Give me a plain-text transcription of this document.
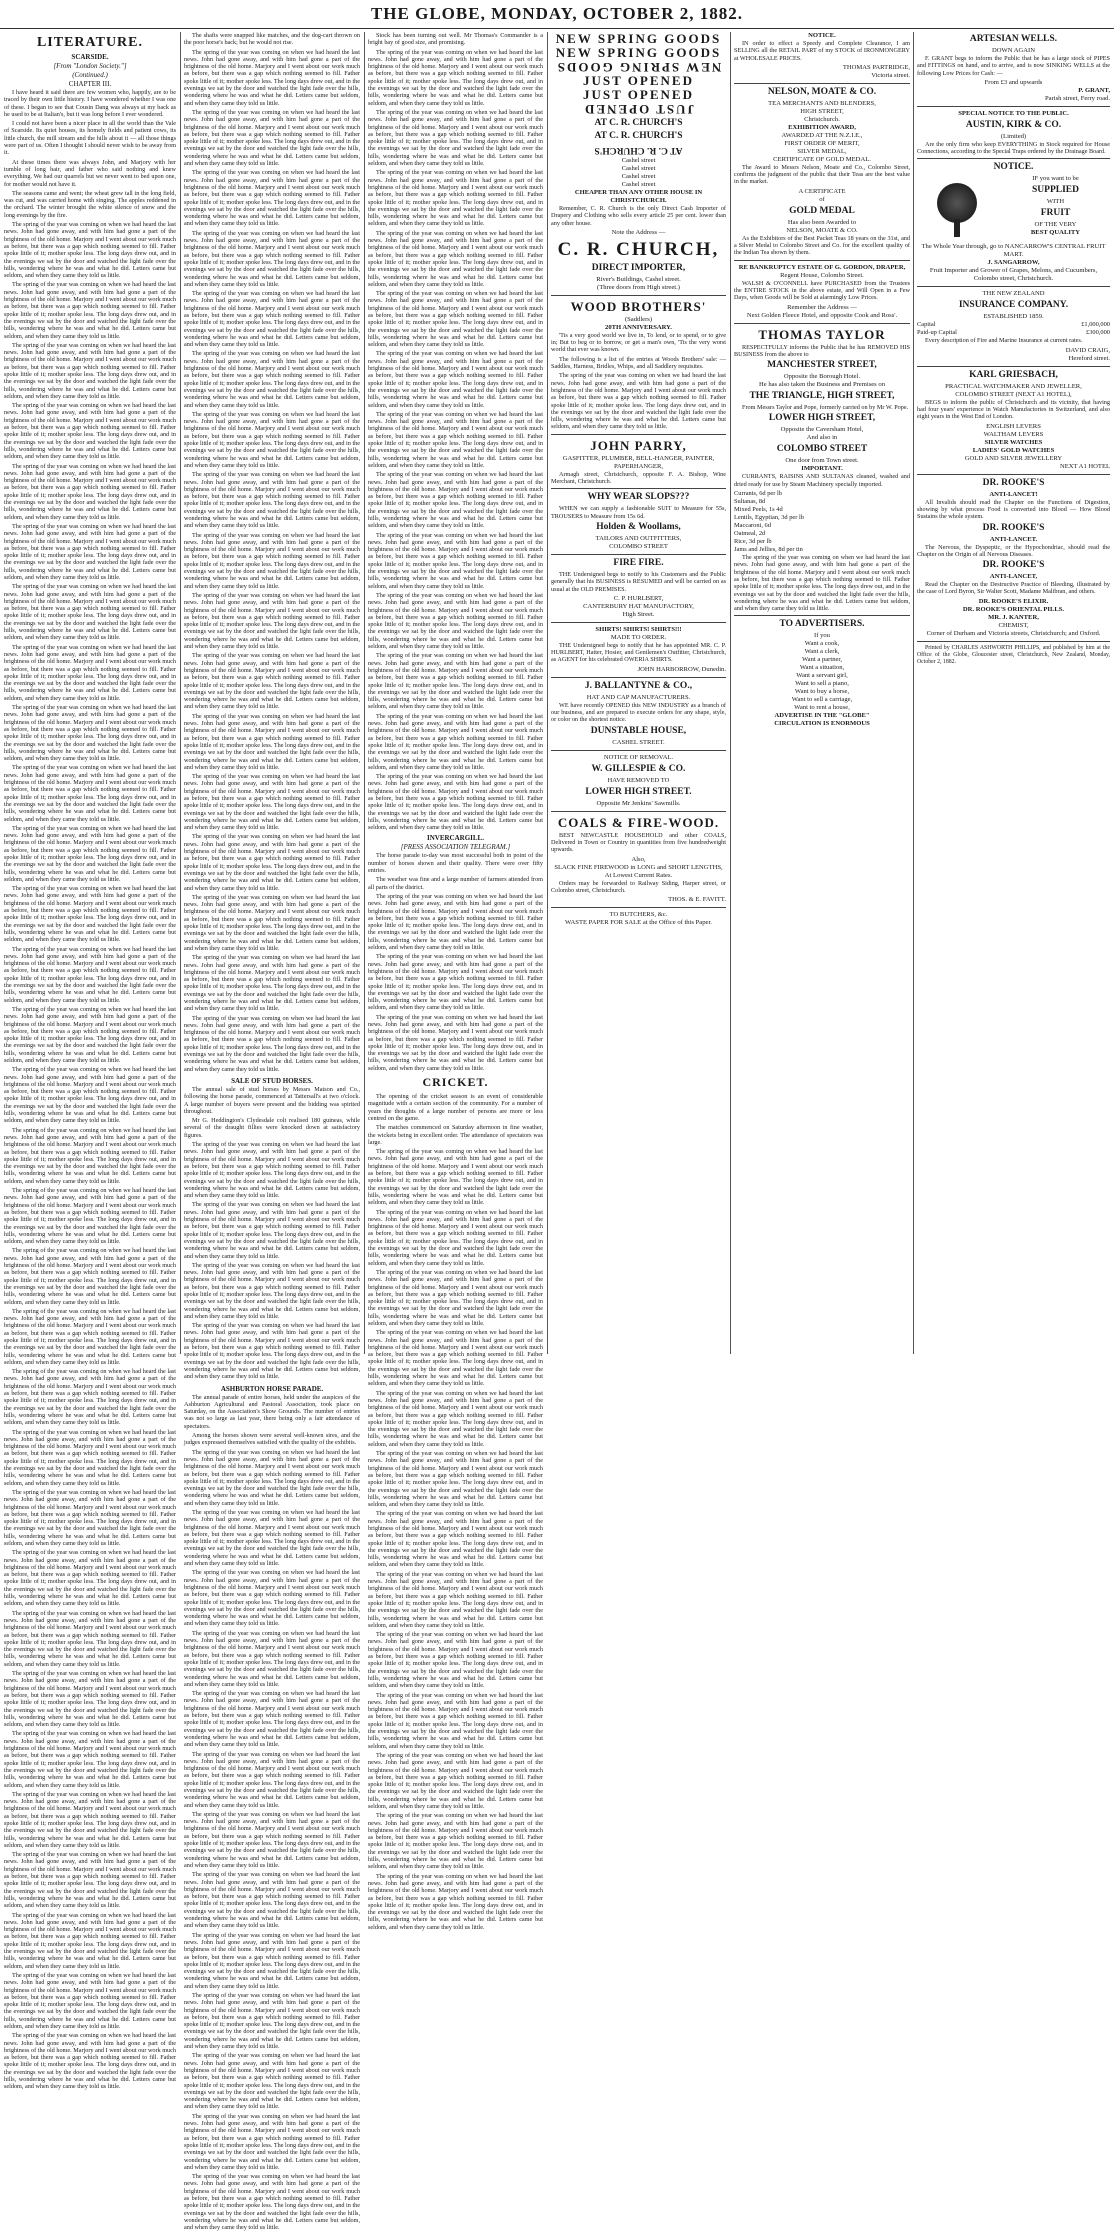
THE GLOBE, MONDAY, OCTOBER 2, 1882.
LITERATURE.
SCARSIDE.
[From "London Society."]
(Continued.)
CHAPTER III.

I have heard it said there are few women who, happily, are to be traced by their own little history. I have wondered whether I was one of these. I began to see that Cousin Dang was always at my back as he used to be at Italian's, but it was long before I ever wondered.

I could not have been a nicer place in all the world than the Vale of Scarside. Its quiet houses, its homely fields and patient cows, its little church, the mill stream and the hills about it — all those things were part of us. Often I thought I should never wish to be away from it.

At these times there was always John, and Marjory with her tumble of long hair, and father who said nothing and knew everything. We had our quarrels but we never went to bed upon one, for mother would not have it.

The seasons came and went; the wheat grew tall in the long field, was cut, and was carried home with singing. The apples reddened in the orchard. The winter brought the white silence of snow and the long evenings by the fire.

The spring of the year was coming on when we had heard the last news. John had gone away, and with him had gone a part of the brightness of the old home. Marjory and I went about our work much as before, but there was a gap which nothing seemed to fill. Father spoke little of it; mother spoke less. The long days drew out, and in the evenings we sat by the door and watched the light fade over the hills, wondering where he was and what he did. Letters came but seldom, and when they came they told us little.

The spring of the year was coming on when we had heard the last news. John had gone away, and with him had gone a part of the brightness of the old home. Marjory and I went about our work much as before, but there was a gap which nothing seemed to fill. Father spoke little of it; mother spoke less. The long days drew out, and in the evenings we sat by the door and watched the light fade over the hills, wondering where he was and what he did. Letters came but seldom, and when they came they told us little.

The spring of the year was coming on when we had heard the last news. John had gone away, and with him had gone a part of the brightness of the old home. Marjory and I went about our work much as before, but there was a gap which nothing seemed to fill. Father spoke little of it; mother spoke less. The long days drew out, and in the evenings we sat by the door and watched the light fade over the hills, wondering where he was and what he did. Letters came but seldom, and when they came they told us little.

The spring of the year was coming on when we had heard the last news. John had gone away, and with him had gone a part of the brightness of the old home. Marjory and I went about our work much as before, but there was a gap which nothing seemed to fill. Father spoke little of it; mother spoke less. The long days drew out, and in the evenings we sat by the door and watched the light fade over the hills, wondering where he was and what he did. Letters came but seldom, and when they came they told us little.

The spring of the year was coming on when we had heard the last news. John had gone away, and with him had gone a part of the brightness of the old home. Marjory and I went about our work much as before, but there was a gap which nothing seemed to fill. Father spoke little of it; mother spoke less. The long days drew out, and in the evenings we sat by the door and watched the light fade over the hills, wondering where he was and what he did. Letters came but seldom, and when they came they told us little.

The spring of the year was coming on when we had heard the last news. John had gone away, and with him had gone a part of the brightness of the old home. Marjory and I went about our work much as before, but there was a gap which nothing seemed to fill. Father spoke little of it; mother spoke less. The long days drew out, and in the evenings we sat by the door and watched the light fade over the hills, wondering where he was and what he did. Letters came but seldom, and when they came they told us little.

The spring of the year was coming on when we had heard the last news. John had gone away, and with him had gone a part of the brightness of the old home. Marjory and I went about our work much as before, but there was a gap which nothing seemed to fill. Father spoke little of it; mother spoke less. The long days drew out, and in the evenings we sat by the door and watched the light fade over the hills, wondering where he was and what he did. Letters came but seldom, and when they came they told us little.

The spring of the year was coming on when we had heard the last news. John had gone away, and with him had gone a part of the brightness of the old home. Marjory and I went about our work much as before, but there was a gap which nothing seemed to fill. Father spoke little of it; mother spoke less. The long days drew out, and in the evenings we sat by the door and watched the light fade over the hills, wondering where he was and what he did. Letters came but seldom, and when they came they told us little.

The spring of the year was coming on when we had heard the last news. John had gone away, and with him had gone a part of the brightness of the old home. Marjory and I went about our work much as before, but there was a gap which nothing seemed to fill. Father spoke little of it; mother spoke less. The long days drew out, and in the evenings we sat by the door and watched the light fade over the hills, wondering where he was and what he did. Letters came but seldom, and when they came they told us little.

The spring of the year was coming on when we had heard the last news. John had gone away, and with him had gone a part of the brightness of the old home. Marjory and I went about our work much as before, but there was a gap which nothing seemed to fill. Father spoke little of it; mother spoke less. The long days drew out, and in the evenings we sat by the door and watched the light fade over the hills, wondering where he was and what he did. Letters came but seldom, and when they came they told us little.

The spring of the year was coming on when we had heard the last news. John had gone away, and with him had gone a part of the brightness of the old home. Marjory and I went about our work much as before, but there was a gap which nothing seemed to fill. Father spoke little of it; mother spoke less. The long days drew out, and in the evenings we sat by the door and watched the light fade over the hills, wondering where he was and what he did. Letters came but seldom, and when they came they told us little.

The spring of the year was coming on when we had heard the last news. John had gone away, and with him had gone a part of the brightness of the old home. Marjory and I went about our work much as before, but there was a gap which nothing seemed to fill. Father spoke little of it; mother spoke less. The long days drew out, and in the evenings we sat by the door and watched the light fade over the hills, wondering where he was and what he did. Letters came but seldom, and when they came they told us little.

The spring of the year was coming on when we had heard the last news. John had gone away, and with him had gone a part of the brightness of the old home. Marjory and I went about our work much as before, but there was a gap which nothing seemed to fill. Father spoke little of it; mother spoke less. The long days drew out, and in the evenings we sat by the door and watched the light fade over the hills, wondering where he was and what he did. Letters came but seldom, and when they came they told us little.

The spring of the year was coming on when we had heard the last news. John had gone away, and with him had gone a part of the brightness of the old home. Marjory and I went about our work much as before, but there was a gap which nothing seemed to fill. Father spoke little of it; mother spoke less. The long days drew out, and in the evenings we sat by the door and watched the light fade over the hills, wondering where he was and what he did. Letters came but seldom, and when they came they told us little.

The spring of the year was coming on when we had heard the last news. John had gone away, and with him had gone a part of the brightness of the old home. Marjory and I went about our work much as before, but there was a gap which nothing seemed to fill. Father spoke little of it; mother spoke less. The long days drew out, and in the evenings we sat by the door and watched the light fade over the hills, wondering where he was and what he did. Letters came but seldom, and when they came they told us little.

The spring of the year was coming on when we had heard the last news. John had gone away, and with him had gone a part of the brightness of the old home. Marjory and I went about our work much as before, but there was a gap which nothing seemed to fill. Father spoke little of it; mother spoke less. The long days drew out, and in the evenings we sat by the door and watched the light fade over the hills, wondering where he was and what he did. Letters came but seldom, and when they came they told us little.

The spring of the year was coming on when we had heard the last news. John had gone away, and with him had gone a part of the brightness of the old home. Marjory and I went about our work much as before, but there was a gap which nothing seemed to fill. Father spoke little of it; mother spoke less. The long days drew out, and in the evenings we sat by the door and watched the light fade over the hills, wondering where he was and what he did. Letters came but seldom, and when they came they told us little.

The spring of the year was coming on when we had heard the last news. John had gone away, and with him had gone a part of the brightness of the old home. Marjory and I went about our work much as before, but there was a gap which nothing seemed to fill. Father spoke little of it; mother spoke less. The long days drew out, and in the evenings we sat by the door and watched the light fade over the hills, wondering where he was and what he did. Letters came but seldom, and when they came they told us little.

The spring of the year was coming on when we had heard the last news. John had gone away, and with him had gone a part of the brightness of the old home. Marjory and I went about our work much as before, but there was a gap which nothing seemed to fill. Father spoke little of it; mother spoke less. The long days drew out, and in the evenings we sat by the door and watched the light fade over the hills, wondering where he was and what he did. Letters came but seldom, and when they came they told us little.

The spring of the year was coming on when we had heard the last news. John had gone away, and with him had gone a part of the brightness of the old home. Marjory and I went about our work much as before, but there was a gap which nothing seemed to fill. Father spoke little of it; mother spoke less. The long days drew out, and in the evenings we sat by the door and watched the light fade over the hills, wondering where he was and what he did. Letters came but seldom, and when they came they told us little.

The spring of the year was coming on when we had heard the last news. John had gone away, and with him had gone a part of the brightness of the old home. Marjory and I went about our work much as before, but there was a gap which nothing seemed to fill. Father spoke little of it; mother spoke less. The long days drew out, and in the evenings we sat by the door and watched the light fade over the hills, wondering where he was and what he did. Letters came but seldom, and when they came they told us little.

The spring of the year was coming on when we had heard the last news. John had gone away, and with him had gone a part of the brightness of the old home. Marjory and I went about our work much as before, but there was a gap which nothing seemed to fill. Father spoke little of it; mother spoke less. The long days drew out, and in the evenings we sat by the door and watched the light fade over the hills, wondering where he was and what he did. Letters came but seldom, and when they came they told us little.

The spring of the year was coming on when we had heard the last news. John had gone away, and with him had gone a part of the brightness of the old home. Marjory and I went about our work much as before, but there was a gap which nothing seemed to fill. Father spoke little of it; mother spoke less. The long days drew out, and in the evenings we sat by the door and watched the light fade over the hills, wondering where he was and what he did. Letters came but seldom, and when they came they told us little.

The spring of the year was coming on when we had heard the last news. John had gone away, and with him had gone a part of the brightness of the old home. Marjory and I went about our work much as before, but there was a gap which nothing seemed to fill. Father spoke little of it; mother spoke less. The long days drew out, and in the evenings we sat by the door and watched the light fade over the hills, wondering where he was and what he did. Letters came but seldom, and when they came they told us little.

The spring of the year was coming on when we had heard the last news. John had gone away, and with him had gone a part of the brightness of the old home. Marjory and I went about our work much as before, but there was a gap which nothing seemed to fill. Father spoke little of it; mother spoke less. The long days drew out, and in the evenings we sat by the door and watched the light fade over the hills, wondering where he was and what he did. Letters came but seldom, and when they came they told us little.

The spring of the year was coming on when we had heard the last news. John had gone away, and with him had gone a part of the brightness of the old home. Marjory and I went about our work much as before, but there was a gap which nothing seemed to fill. Father spoke little of it; mother spoke less. The long days drew out, and in the evenings we sat by the door and watched the light fade over the hills, wondering where he was and what he did. Letters came but seldom, and when they came they told us little.

The spring of the year was coming on when we had heard the last news. John had gone away, and with him had gone a part of the brightness of the old home. Marjory and I went about our work much as before, but there was a gap which nothing seemed to fill. Father spoke little of it; mother spoke less. The long days drew out, and in the evenings we sat by the door and watched the light fade over the hills, wondering where he was and what he did. Letters came but seldom, and when they came they told us little.

The spring of the year was coming on when we had heard the last news. John had gone away, and with him had gone a part of the brightness of the old home. Marjory and I went about our work much as before, but there was a gap which nothing seemed to fill. Father spoke little of it; mother spoke less. The long days drew out, and in the evenings we sat by the door and watched the light fade over the hills, wondering where he was and what he did. Letters came but seldom, and when they came they told us little.

The spring of the year was coming on when we had heard the last news. John had gone away, and with him had gone a part of the brightness of the old home. Marjory and I went about our work much as before, but there was a gap which nothing seemed to fill. Father spoke little of it; mother spoke less. The long days drew out, and in the evenings we sat by the door and watched the light fade over the hills, wondering where he was and what he did. Letters came but seldom, and when they came they told us little.

The spring of the year was coming on when we had heard the last news. John had gone away, and with him had gone a part of the brightness of the old home. Marjory and I went about our work much as before, but there was a gap which nothing seemed to fill. Father spoke little of it; mother spoke less. The long days drew out, and in the evenings we sat by the door and watched the light fade over the hills, wondering where he was and what he did. Letters came but seldom, and when they came they told us little.

The spring of the year was coming on when we had heard the last news. John had gone away, and with him had gone a part of the brightness of the old home. Marjory and I went about our work much as before, but there was a gap which nothing seemed to fill. Father spoke little of it; mother spoke less. The long days drew out, and in the evenings we sat by the door and watched the light fade over the hills, wondering where he was and what he did. Letters came but seldom, and when they came they told us little.

The shafts were snapped like matches, and the dog-cart thrown on the poor horse's back; but he would not rise.

The spring of the year was coming on when we had heard the last news. John had gone away, and with him had gone a part of the brightness of the old home. Marjory and I went about our work much as before, but there was a gap which nothing seemed to fill. Father spoke little of it; mother spoke less. The long days drew out, and in the evenings we sat by the door and watched the light fade over the hills, wondering where he was and what he did. Letters came but seldom, and when they came they told us little.

The spring of the year was coming on when we had heard the last news. John had gone away, and with him had gone a part of the brightness of the old home. Marjory and I went about our work much as before, but there was a gap which nothing seemed to fill. Father spoke little of it; mother spoke less. The long days drew out, and in the evenings we sat by the door and watched the light fade over the hills, wondering where he was and what he did. Letters came but seldom, and when they came they told us little.

The spring of the year was coming on when we had heard the last news. John had gone away, and with him had gone a part of the brightness of the old home. Marjory and I went about our work much as before, but there was a gap which nothing seemed to fill. Father spoke little of it; mother spoke less. The long days drew out, and in the evenings we sat by the door and watched the light fade over the hills, wondering where he was and what he did. Letters came but seldom, and when they came they told us little.

The spring of the year was coming on when we had heard the last news. John had gone away, and with him had gone a part of the brightness of the old home. Marjory and I went about our work much as before, but there was a gap which nothing seemed to fill. Father spoke little of it; mother spoke less. The long days drew out, and in the evenings we sat by the door and watched the light fade over the hills, wondering where he was and what he did. Letters came but seldom, and when they came they told us little.

The spring of the year was coming on when we had heard the last news. John had gone away, and with him had gone a part of the brightness of the old home. Marjory and I went about our work much as before, but there was a gap which nothing seemed to fill. Father spoke little of it; mother spoke less. The long days drew out, and in the evenings we sat by the door and watched the light fade over the hills, wondering where he was and what he did. Letters came but seldom, and when they came they told us little.

The spring of the year was coming on when we had heard the last news. John had gone away, and with him had gone a part of the brightness of the old home. Marjory and I went about our work much as before, but there was a gap which nothing seemed to fill. Father spoke little of it; mother spoke less. The long days drew out, and in the evenings we sat by the door and watched the light fade over the hills, wondering where he was and what he did. Letters came but seldom, and when they came they told us little.

The spring of the year was coming on when we had heard the last news. John had gone away, and with him had gone a part of the brightness of the old home. Marjory and I went about our work much as before, but there was a gap which nothing seemed to fill. Father spoke little of it; mother spoke less. The long days drew out, and in the evenings we sat by the door and watched the light fade over the hills, wondering where he was and what he did. Letters came but seldom, and when they came they told us little.

The spring of the year was coming on when we had heard the last news. John had gone away, and with him had gone a part of the brightness of the old home. Marjory and I went about our work much as before, but there was a gap which nothing seemed to fill. Father spoke little of it; mother spoke less. The long days drew out, and in the evenings we sat by the door and watched the light fade over the hills, wondering where he was and what he did. Letters came but seldom, and when they came they told us little.

The spring of the year was coming on when we had heard the last news. John had gone away, and with him had gone a part of the brightness of the old home. Marjory and I went about our work much as before, but there was a gap which nothing seemed to fill. Father spoke little of it; mother spoke less. The long days drew out, and in the evenings we sat by the door and watched the light fade over the hills, wondering where he was and what he did. Letters came but seldom, and when they came they told us little.

The spring of the year was coming on when we had heard the last news. John had gone away, and with him had gone a part of the brightness of the old home. Marjory and I went about our work much as before, but there was a gap which nothing seemed to fill. Father spoke little of it; mother spoke less. The long days drew out, and in the evenings we sat by the door and watched the light fade over the hills, wondering where he was and what he did. Letters came but seldom, and when they came they told us little.

The spring of the year was coming on when we had heard the last news. John had gone away, and with him had gone a part of the brightness of the old home. Marjory and I went about our work much as before, but there was a gap which nothing seemed to fill. Father spoke little of it; mother spoke less. The long days drew out, and in the evenings we sat by the door and watched the light fade over the hills, wondering where he was and what he did. Letters came but seldom, and when they came they told us little.

The spring of the year was coming on when we had heard the last news. John had gone away, and with him had gone a part of the brightness of the old home. Marjory and I went about our work much as before, but there was a gap which nothing seemed to fill. Father spoke little of it; mother spoke less. The long days drew out, and in the evenings we sat by the door and watched the light fade over the hills, wondering where he was and what he did. Letters came but seldom, and when they came they told us little.

The spring of the year was coming on when we had heard the last news. John had gone away, and with him had gone a part of the brightness of the old home. Marjory and I went about our work much as before, but there was a gap which nothing seemed to fill. Father spoke little of it; mother spoke less. The long days drew out, and in the evenings we sat by the door and watched the light fade over the hills, wondering where he was and what he did. Letters came but seldom, and when they came they told us little.

The spring of the year was coming on when we had heard the last news. John had gone away, and with him had gone a part of the brightness of the old home. Marjory and I went about our work much as before, but there was a gap which nothing seemed to fill. Father spoke little of it; mother spoke less. The long days drew out, and in the evenings we sat by the door and watched the light fade over the hills, wondering where he was and what he did. Letters came but seldom, and when they came they told us little.

The spring of the year was coming on when we had heard the last news. John had gone away, and with him had gone a part of the brightness of the old home. Marjory and I went about our work much as before, but there was a gap which nothing seemed to fill. Father spoke little of it; mother spoke less. The long days drew out, and in the evenings we sat by the door and watched the light fade over the hills, wondering where he was and what he did. Letters came but seldom, and when they came they told us little.

The spring of the year was coming on when we had heard the last news. John had gone away, and with him had gone a part of the brightness of the old home. Marjory and I went about our work much as before, but there was a gap which nothing seemed to fill. Father spoke little of it; mother spoke less. The long days drew out, and in the evenings we sat by the door and watched the light fade over the hills, wondering where he was and what he did. Letters came but seldom, and when they came they told us little.

The spring of the year was coming on when we had heard the last news. John had gone away, and with him had gone a part of the brightness of the old home. Marjory and I went about our work much as before, but there was a gap which nothing seemed to fill. Father spoke little of it; mother spoke less. The long days drew out, and in the evenings we sat by the door and watched the light fade over the hills, wondering where he was and what he did. Letters came but seldom, and when they came they told us little.

SALE OF STUD HORSES.

The annual sale of stud horses by Messrs Matson and Co., following the horse parade, commenced at Tattersall's at two o'clock. A large number of buyers were present and the bidding was spirited throughout.

Mr G. Heddington's Clydesdale colt realised 180 guineas, while several of the draught fillies were knocked down at satisfactory figures.

The spring of the year was coming on when we had heard the last news. John had gone away, and with him had gone a part of the brightness of the old home. Marjory and I went about our work much as before, but there was a gap which nothing seemed to fill. Father spoke little of it; mother spoke less. The long days drew out, and in the evenings we sat by the door and watched the light fade over the hills, wondering where he was and what he did. Letters came but seldom, and when they came they told us little.

The spring of the year was coming on when we had heard the last news. John had gone away, and with him had gone a part of the brightness of the old home. Marjory and I went about our work much as before, but there was a gap which nothing seemed to fill. Father spoke little of it; mother spoke less. The long days drew out, and in the evenings we sat by the door and watched the light fade over the hills, wondering where he was and what he did. Letters came but seldom, and when they came they told us little.

The spring of the year was coming on when we had heard the last news. John had gone away, and with him had gone a part of the brightness of the old home. Marjory and I went about our work much as before, but there was a gap which nothing seemed to fill. Father spoke little of it; mother spoke less. The long days drew out, and in the evenings we sat by the door and watched the light fade over the hills, wondering where he was and what he did. Letters came but seldom, and when they came they told us little.

The spring of the year was coming on when we had heard the last news. John had gone away, and with him had gone a part of the brightness of the old home. Marjory and I went about our work much as before, but there was a gap which nothing seemed to fill. Father spoke little of it; mother spoke less. The long days drew out, and in the evenings we sat by the door and watched the light fade over the hills, wondering where he was and what he did. Letters came but seldom, and when they came they told us little.

ASHBURTON HORSE PARADE.

The annual parade of entire horses, held under the auspices of the Ashburton Agricultural and Pastoral Association, took place on Saturday, on the Association's Show Grounds. The number of entries was not so large as last year, there being only a fair attendance of spectators.

Among the horses shown were several well-known sires, and the judges expressed themselves satisfied with the quality of the exhibits.

The spring of the year was coming on when we had heard the last news. John had gone away, and with him had gone a part of the brightness of the old home. Marjory and I went about our work much as before, but there was a gap which nothing seemed to fill. Father spoke little of it; mother spoke less. The long days drew out, and in the evenings we sat by the door and watched the light fade over the hills, wondering where he was and what he did. Letters came but seldom, and when they came they told us little.

The spring of the year was coming on when we had heard the last news. John had gone away, and with him had gone a part of the brightness of the old home. Marjory and I went about our work much as before, but there was a gap which nothing seemed to fill. Father spoke little of it; mother spoke less. The long days drew out, and in the evenings we sat by the door and watched the light fade over the hills, wondering where he was and what he did. Letters came but seldom, and when they came they told us little.

The spring of the year was coming on when we had heard the last news. John had gone away, and with him had gone a part of the brightness of the old home. Marjory and I went about our work much as before, but there was a gap which nothing seemed to fill. Father spoke little of it; mother spoke less. The long days drew out, and in the evenings we sat by the door and watched the light fade over the hills, wondering where he was and what he did. Letters came but seldom, and when they came they told us little.

The spring of the year was coming on when we had heard the last news. John had gone away, and with him had gone a part of the brightness of the old home. Marjory and I went about our work much as before, but there was a gap which nothing seemed to fill. Father spoke little of it; mother spoke less. The long days drew out, and in the evenings we sat by the door and watched the light fade over the hills, wondering where he was and what he did. Letters came but seldom, and when they came they told us little.

The spring of the year was coming on when we had heard the last news. John had gone away, and with him had gone a part of the brightness of the old home. Marjory and I went about our work much as before, but there was a gap which nothing seemed to fill. Father spoke little of it; mother spoke less. The long days drew out, and in the evenings we sat by the door and watched the light fade over the hills, wondering where he was and what he did. Letters came but seldom, and when they came they told us little.

The spring of the year was coming on when we had heard the last news. John had gone away, and with him had gone a part of the brightness of the old home. Marjory and I went about our work much as before, but there was a gap which nothing seemed to fill. Father spoke little of it; mother spoke less. The long days drew out, and in the evenings we sat by the door and watched the light fade over the hills, wondering where he was and what he did. Letters came but seldom, and when they came they told us little.

The spring of the year was coming on when we had heard the last news. John had gone away, and with him had gone a part of the brightness of the old home. Marjory and I went about our work much as before, but there was a gap which nothing seemed to fill. Father spoke little of it; mother spoke less. The long days drew out, and in the evenings we sat by the door and watched the light fade over the hills, wondering where he was and what he did. Letters came but seldom, and when they came they told us little.

The spring of the year was coming on when we had heard the last news. John had gone away, and with him had gone a part of the brightness of the old home. Marjory and I went about our work much as before, but there was a gap which nothing seemed to fill. Father spoke little of it; mother spoke less. The long days drew out, and in the evenings we sat by the door and watched the light fade over the hills, wondering where he was and what he did. Letters came but seldom, and when they came they told us little.

The spring of the year was coming on when we had heard the last news. John had gone away, and with him had gone a part of the brightness of the old home. Marjory and I went about our work much as before, but there was a gap which nothing seemed to fill. Father spoke little of it; mother spoke less. The long days drew out, and in the evenings we sat by the door and watched the light fade over the hills, wondering where he was and what he did. Letters came but seldom, and when they came they told us little.

The spring of the year was coming on when we had heard the last news. John had gone away, and with him had gone a part of the brightness of the old home. Marjory and I went about our work much as before, but there was a gap which nothing seemed to fill. Father spoke little of it; mother spoke less. The long days drew out, and in the evenings we sat by the door and watched the light fade over the hills, wondering where he was and what he did. Letters came but seldom, and when they came they told us little.

The spring of the year was coming on when we had heard the last news. John had gone away, and with him had gone a part of the brightness of the old home. Marjory and I went about our work much as before, but there was a gap which nothing seemed to fill. Father spoke little of it; mother spoke less. The long days drew out, and in the evenings we sat by the door and watched the light fade over the hills, wondering where he was and what he did. Letters came but seldom, and when they came they told us little.

The spring of the year was coming on when we had heard the last news. John had gone away, and with him had gone a part of the brightness of the old home. Marjory and I went about our work much as before, but there was a gap which nothing seemed to fill. Father spoke little of it; mother spoke less. The long days drew out, and in the evenings we sat by the door and watched the light fade over the hills, wondering where he was and what he did. Letters came but seldom, and when they came they told us little.

The spring of the year was coming on when we had heard the last news. John had gone away, and with him had gone a part of the brightness of the old home. Marjory and I went about our work much as before, but there was a gap which nothing seemed to fill. Father spoke little of it; mother spoke less. The long days drew out, and in the evenings we sat by the door and watched the light fade over the hills, wondering where he was and what he did. Letters came but seldom, and when they came they told us little.

Stock has been turning out well. Mr Thomas's Commander is a bright bay of good size, and promising.

The spring of the year was coming on when we had heard the last news. John had gone away, and with him had gone a part of the brightness of the old home. Marjory and I went about our work much as before, but there was a gap which nothing seemed to fill. Father spoke little of it; mother spoke less. The long days drew out, and in the evenings we sat by the door and watched the light fade over the hills, wondering where he was and what he did. Letters came but seldom, and when they came they told us little.

The spring of the year was coming on when we had heard the last news. John had gone away, and with him had gone a part of the brightness of the old home. Marjory and I went about our work much as before, but there was a gap which nothing seemed to fill. Father spoke little of it; mother spoke less. The long days drew out, and in the evenings we sat by the door and watched the light fade over the hills, wondering where he was and what he did. Letters came but seldom, and when they came they told us little.

The spring of the year was coming on when we had heard the last news. John had gone away, and with him had gone a part of the brightness of the old home. Marjory and I went about our work much as before, but there was a gap which nothing seemed to fill. Father spoke little of it; mother spoke less. The long days drew out, and in the evenings we sat by the door and watched the light fade over the hills, wondering where he was and what he did. Letters came but seldom, and when they came they told us little.

The spring of the year was coming on when we had heard the last news. John had gone away, and with him had gone a part of the brightness of the old home. Marjory and I went about our work much as before, but there was a gap which nothing seemed to fill. Father spoke little of it; mother spoke less. The long days drew out, and in the evenings we sat by the door and watched the light fade over the hills, wondering where he was and what he did. Letters came but seldom, and when they came they told us little.

The spring of the year was coming on when we had heard the last news. John had gone away, and with him had gone a part of the brightness of the old home. Marjory and I went about our work much as before, but there was a gap which nothing seemed to fill. Father spoke little of it; mother spoke less. The long days drew out, and in the evenings we sat by the door and watched the light fade over the hills, wondering where he was and what he did. Letters came but seldom, and when they came they told us little.

The spring of the year was coming on when we had heard the last news. John had gone away, and with him had gone a part of the brightness of the old home. Marjory and I went about our work much as before, but there was a gap which nothing seemed to fill. Father spoke little of it; mother spoke less. The long days drew out, and in the evenings we sat by the door and watched the light fade over the hills, wondering where he was and what he did. Letters came but seldom, and when they came they told us little.

The spring of the year was coming on when we had heard the last news. John had gone away, and with him had gone a part of the brightness of the old home. Marjory and I went about our work much as before, but there was a gap which nothing seemed to fill. Father spoke little of it; mother spoke less. The long days drew out, and in the evenings we sat by the door and watched the light fade over the hills, wondering where he was and what he did. Letters came but seldom, and when they came they told us little.

The spring of the year was coming on when we had heard the last news. John had gone away, and with him had gone a part of the brightness of the old home. Marjory and I went about our work much as before, but there was a gap which nothing seemed to fill. Father spoke little of it; mother spoke less. The long days drew out, and in the evenings we sat by the door and watched the light fade over the hills, wondering where he was and what he did. Letters came but seldom, and when they came they told us little.

The spring of the year was coming on when we had heard the last news. John had gone away, and with him had gone a part of the brightness of the old home. Marjory and I went about our work much as before, but there was a gap which nothing seemed to fill. Father spoke little of it; mother spoke less. The long days drew out, and in the evenings we sat by the door and watched the light fade over the hills, wondering where he was and what he did. Letters came but seldom, and when they came they told us little.

The spring of the year was coming on when we had heard the last news. John had gone away, and with him had gone a part of the brightness of the old home. Marjory and I went about our work much as before, but there was a gap which nothing seemed to fill. Father spoke little of it; mother spoke less. The long days drew out, and in the evenings we sat by the door and watched the light fade over the hills, wondering where he was and what he did. Letters came but seldom, and when they came they told us little.

The spring of the year was coming on when we had heard the last news. John had gone away, and with him had gone a part of the brightness of the old home. Marjory and I went about our work much as before, but there was a gap which nothing seemed to fill. Father spoke little of it; mother spoke less. The long days drew out, and in the evenings we sat by the door and watched the light fade over the hills, wondering where he was and what he did. Letters came but seldom, and when they came they told us little.

The spring of the year was coming on when we had heard the last news. John had gone away, and with him had gone a part of the brightness of the old home. Marjory and I went about our work much as before, but there was a gap which nothing seemed to fill. Father spoke little of it; mother spoke less. The long days drew out, and in the evenings we sat by the door and watched the light fade over the hills, wondering where he was and what he did. Letters came but seldom, and when they came they told us little.

The spring of the year was coming on when we had heard the last news. John had gone away, and with him had gone a part of the brightness of the old home. Marjory and I went about our work much as before, but there was a gap which nothing seemed to fill. Father spoke little of it; mother spoke less. The long days drew out, and in the evenings we sat by the door and watched the light fade over the hills, wondering where he was and what he did. Letters came but seldom, and when they came they told us little.

INVERCARGILL.
[PRESS ASSOCIATION TELEGRAM.]

The horse parade to-day was most successful both in point of the number of horses shown and their quality. There were over fifty entries.

The weather was fine and a large number of farmers attended from all parts of the district.

The spring of the year was coming on when we had heard the last news. John had gone away, and with him had gone a part of the brightness of the old home. Marjory and I went about our work much as before, but there was a gap which nothing seemed to fill. Father spoke little of it; mother spoke less. The long days drew out, and in the evenings we sat by the door and watched the light fade over the hills, wondering where he was and what he did. Letters came but seldom, and when they came they told us little.

The spring of the year was coming on when we had heard the last news. John had gone away, and with him had gone a part of the brightness of the old home. Marjory and I went about our work much as before, but there was a gap which nothing seemed to fill. Father spoke little of it; mother spoke less. The long days drew out, and in the evenings we sat by the door and watched the light fade over the hills, wondering where he was and what he did. Letters came but seldom, and when they came they told us little.

The spring of the year was coming on when we had heard the last news. John had gone away, and with him had gone a part of the brightness of the old home. Marjory and I went about our work much as before, but there was a gap which nothing seemed to fill. Father spoke little of it; mother spoke less. The long days drew out, and in the evenings we sat by the door and watched the light fade over the hills, wondering where he was and what he did. Letters came but seldom, and when they came they told us little.

CRICKET.

The opening of the cricket season is an event of considerable magnitude with a certain section of the community. For a number of years the thoughts of a large number of persons are more or less centred on the game.

The matches commenced on Saturday afternoon in fine weather, the wickets being in excellent order. The attendance of spectators was large.

The spring of the year was coming on when we had heard the last news. John had gone away, and with him had gone a part of the brightness of the old home. Marjory and I went about our work much as before, but there was a gap which nothing seemed to fill. Father spoke little of it; mother spoke less. The long days drew out, and in the evenings we sat by the door and watched the light fade over the hills, wondering where he was and what he did. Letters came but seldom, and when they came they told us little.

The spring of the year was coming on when we had heard the last news. John had gone away, and with him had gone a part of the brightness of the old home. Marjory and I went about our work much as before, but there was a gap which nothing seemed to fill. Father spoke little of it; mother spoke less. The long days drew out, and in the evenings we sat by the door and watched the light fade over the hills, wondering where he was and what he did. Letters came but seldom, and when they came they told us little.

The spring of the year was coming on when we had heard the last news. John had gone away, and with him had gone a part of the brightness of the old home. Marjory and I went about our work much as before, but there was a gap which nothing seemed to fill. Father spoke little of it; mother spoke less. The long days drew out, and in the evenings we sat by the door and watched the light fade over the hills, wondering where he was and what he did. Letters came but seldom, and when they came they told us little.

The spring of the year was coming on when we had heard the last news. John had gone away, and with him had gone a part of the brightness of the old home. Marjory and I went about our work much as before, but there was a gap which nothing seemed to fill. Father spoke little of it; mother spoke less. The long days drew out, and in the evenings we sat by the door and watched the light fade over the hills, wondering where he was and what he did. Letters came but seldom, and when they came they told us little.

The spring of the year was coming on when we had heard the last news. John had gone away, and with him had gone a part of the brightness of the old home. Marjory and I went about our work much as before, but there was a gap which nothing seemed to fill. Father spoke little of it; mother spoke less. The long days drew out, and in the evenings we sat by the door and watched the light fade over the hills, wondering where he was and what he did. Letters came but seldom, and when they came they told us little.

The spring of the year was coming on when we had heard the last news. John had gone away, and with him had gone a part of the brightness of the old home. Marjory and I went about our work much as before, but there was a gap which nothing seemed to fill. Father spoke little of it; mother spoke less. The long days drew out, and in the evenings we sat by the door and watched the light fade over the hills, wondering where he was and what he did. Letters came but seldom, and when they came they told us little.

The spring of the year was coming on when we had heard the last news. John had gone away, and with him had gone a part of the brightness of the old home. Marjory and I went about our work much as before, but there was a gap which nothing seemed to fill. Father spoke little of it; mother spoke less. The long days drew out, and in the evenings we sat by the door and watched the light fade over the hills, wondering where he was and what he did. Letters came but seldom, and when they came they told us little.

The spring of the year was coming on when we had heard the last news. John had gone away, and with him had gone a part of the brightness of the old home. Marjory and I went about our work much as before, but there was a gap which nothing seemed to fill. Father spoke little of it; mother spoke less. The long days drew out, and in the evenings we sat by the door and watched the light fade over the hills, wondering where he was and what he did. Letters came but seldom, and when they came they told us little.

The spring of the year was coming on when we had heard the last news. John had gone away, and with him had gone a part of the brightness of the old home. Marjory and I went about our work much as before, but there was a gap which nothing seemed to fill. Father spoke little of it; mother spoke less. The long days drew out, and in the evenings we sat by the door and watched the light fade over the hills, wondering where he was and what he did. Letters came but seldom, and when they came they told us little.

The spring of the year was coming on when we had heard the last news. John had gone away, and with him had gone a part of the brightness of the old home. Marjory and I went about our work much as before, but there was a gap which nothing seemed to fill. Father spoke little of it; mother spoke less. The long days drew out, and in the evenings we sat by the door and watched the light fade over the hills, wondering where he was and what he did. Letters came but seldom, and when they came they told us little.

The spring of the year was coming on when we had heard the last news. John had gone away, and with him had gone a part of the brightness of the old home. Marjory and I went about our work much as before, but there was a gap which nothing seemed to fill. Father spoke little of it; mother spoke less. The long days drew out, and in the evenings we sat by the door and watched the light fade over the hills, wondering where he was and what he did. Letters came but seldom, and when they came they told us little.

The spring of the year was coming on when we had heard the last news. John had gone away, and with him had gone a part of the brightness of the old home. Marjory and I went about our work much as before, but there was a gap which nothing seemed to fill. Father spoke little of it; mother spoke less. The long days drew out, and in the evenings we sat by the door and watched the light fade over the hills, wondering where he was and what he did. Letters came but seldom, and when they came they told us little.

The spring of the year was coming on when we had heard the last news. John had gone away, and with him had gone a part of the brightness of the old home. Marjory and I went about our work much as before, but there was a gap which nothing seemed to fill. Father spoke little of it; mother spoke less. The long days drew out, and in the evenings we sat by the door and watched the light fade over the hills, wondering where he was and what he did. Letters came but seldom, and when they came they told us little.

NEW SPRING GOODS
NEW SPRING GOODS
NEW SPRING GOODS
JUST OPENED
JUST OPENED
JUST OPENED
AT C. R. CHURCH'S
AT C. R. CHURCH'S
AT C. R. CHURCH'S
Cashel street
Cashel street
Cashel street
Cashel street
CHEAPER THAN ANY OTHER HOUSE IN CHRISTCHURCH.

Remember, C. R. Church is the only Direct Cash Importer of Drapery and Clothing who sells every article 25 per cent. lower than any other house.

Note the Address —
C. R. CHURCH,
DIRECT IMPORTER,
River's Buildings, Cashel street.
(Three doors from High street.)
WOOD BROTHERS'
(Saddlers)
20TH ANNIVERSARY.

'Tis a very good world we live in, To lend, or to spend, or to give in; But to beg or to borrow, or get a man's own, 'Tis the very worst world that ever was known.

The following is a list of the entries at Woods Brothers' sale: — Saddles, Harness, Bridles, Whips, and all Saddlery requisites.

The spring of the year was coming on when we had heard the last news. John had gone away, and with him had gone a part of the brightness of the old home. Marjory and I went about our work much as before, but there was a gap which nothing seemed to fill. Father spoke little of it; mother spoke less. The long days drew out, and in the evenings we sat by the door and watched the light fade over the hills, wondering where he was and what he did. Letters came but seldom, and when they came they told us little.

JOHN PARRY,
GASFITTER, PLUMBER, BELL-HANGER, PAINTER, PAPERHANGER,

Armagh street, Christchurch, opposite F. A. Bishop, Wine Merchant, Christchurch.

WHY WEAR SLOPS???

WHEN we can supply a fashionable SUIT to Measure for 55s, TROUSERS to Measure from 15s 6d.

Holden & Woollams,
TAILORS AND OUTFITTERS,
COLOMBO STREET
FIRE FIRE.

THE Undersigned begs to notify to his Customers and the Public generally that his BUSINESS is RESUMED and will be carried on as usual at the OLD PREMISES.

C. P. HURLBERT,
CANTERBURY HAT MANUFACTORY,
High Street.
SHIRTS! SHIRTS! SHIRTS!!!
MADE TO ORDER.

THE Undersigned begs to notify that he has appointed MR. C. P. HURLBERT, Hatter, Hosier, and Gentlemen's Outfitter, Christchurch, as AGENT for his celebrated OWERIA SHIRTS.

JOHN HARBORROW, Dunedin.
J. BALLANTYNE & CO.,
HAT AND CAP MANUFACTURERS.

WE have recently OPENED this NEW INDUSTRY as a branch of our business, and are prepared to execute orders for any shape, style, or color on the shortest notice.

DUNSTABLE HOUSE,
CASHEL STREET.
NOTICE OF REMOVAL.
W. GILLESPIE & CO.
HAVE REMOVED TO
LOWER HIGH STREET.
Opposite Mr Jenkins' Sawmills.
COALS & FIRE-WOOD.

BEST NEWCASTLE HOUSEHOLD and other COALS, Delivered in Town or Country in quantities from five hundredweight upwards.

Also,
SLACK FINE FIREWOOD in LONG and SHORT LENGTHS, At Lowest Current Rates.

Orders may be forwarded to Railway Siding, Harper street, or Colombo street, Christchurch.

THOS. & E. FAVITT.
TO BUTCHERS, &c.
WASTE PAPER FOR SALE at the Office of this Paper.
NOTICE.

IN order to effect a Speedy and Complete Clearance, I am SELLING all the RETAIL PART of my STOCK of IRONMONGERY at WHOLESALE PRICES.

THOMAS PARTRIDGE,
Victoria street.
NELSON, MOATE & CO.
TEA MERCHANTS AND BLENDERS,
HIGH STREET,
Christchurch.
EXHIBITION AWARD,
AWARDED AT THE N.Z.I.E.,
FIRST ORDER OF MERIT,
SILVER MEDAL,
CERTIFICATE OF GOLD MEDAL.

The Award to Messrs Nelson, Moate and Co., Colombo Street, confirms the judgment of the public that their Teas are the best value in the market.

A CERTIFICATE
of
GOLD MEDAL
Has also been Awarded to
NELSON, MOATE & CO.

As the Exhibitors of the Best Packet Teas 18 years on the 31st, and a Silver Medal to Colombo Street and Co. for the excellent quality of the Indian Tea shown by them.

RE BANKRUPTCY ESTATE OF G. GORDON, DRAPER,
Regent House, Colombo Street.

WALSH & O'CONNELL have PURCHASED from the Trustees the ENTIRE STOCK in the above estate, and Will Open in a Few Days, when Goods will be Sold at alarmingly Low Prices.

Remember the Address —
Next Golden Fleece Hotel, and opposite Cook and Ross'.
THOMAS TAYLOR

RESPECTFULLY informs the Public that he has REMOVED HIS BUSINESS from the above to

MANCHESTER STREET,
Opposite the Borough Hotel.
He has also taken the Business and Premises on
THE TRIANGLE, HIGH STREET,

From Messrs Taylor and Pope, formerly carried on by Mr W. Pope.

LOWER HIGH STREET,
Opposite the Caversham Hotel,
And also in
COLOMBO STREET
One door from Town street.
IMPORTANT.

CURRANTS, RAISINS AND SULTANAS cleaned, washed and dried ready for use by Steam Machinery specially imported.

Currants, 6d per lb
Sultanas, 8d
Mixed Peels, 1s 4d
Lentils, Egyptian, 3d per lb
Maccaroni, 6d
Oatmeal, 2d
Rice, 3d per lb
Jams and Jellies, 8d per tin

The spring of the year was coming on when we had heard the last news. John had gone away, and with him had gone a part of the brightness of the old home. Marjory and I went about our work much as before, but there was a gap which nothing seemed to fill. Father spoke little of it; mother spoke less. The long days drew out, and in the evenings we sat by the door and watched the light fade over the hills, wondering where he was and what he did. Letters came but seldom, and when they came they told us little.

TO ADVERTISERS.
If you
Want a cook,
Want a clerk,
Want a partner,
Want a situation,
Want a servant girl,
Want to sell a piano,
Want to buy a horse,
Want to sell a carriage,
Want to rent a house,
ADVERTISE IN THE "GLOBE"
CIRCULATION IS ENORMOUS
ARTESIAN WELLS.
DOWN AGAIN

F. GRANT begs to inform the Public that he has a large stock of PIPES and FITTINGS on hand, and to arrive, and is now SINKING WELLS at the following Low Prices for Cash: —

From £3 and upwards
P. GRANT,
Parish street, Ferry road.
SPECIAL NOTICE TO THE PUBLIC.
AUSTIN, KIRK & CO.
(Limited)

Are the only firm who keep EVERYTHING in Stock required for House Connections, according to the Special Traps ordered by the Drainage Board.

NOTICE.
IF you want to be
SUPPLIED
WITH
FRUIT
OF THE VERY
BEST QUALITY
The Whole Year through, go to NANCARROW'S CENTRAL FRUIT MART.
J. SANGARROW,
Fruit Importer and Grower of Grapes, Melons, and Cucumbers,
Colombo street, Christchurch.
THE NEW ZEALAND
INSURANCE COMPANY.
ESTABLISHED 1859.
Capital	£1,000,000
Paid-up Capital	£300,000

Every description of Fire and Marine Insurance at current rates.

DAVID CRAIG,
Hereford street.
KARL GRIESBACH,
PRACTICAL WATCHMAKER AND JEWELLER,
COLOMBO STREET (NEXT A1 HOTEL),

BEGS to inform the public of Christchurch and its vicinity, that having had four years' experience in Watch Manufactories in Switzerland, and also eight years in the West End of London.

ENGLISH LEVERS
WALTHAM LEVERS
SILVER WATCHES
LADIES' GOLD WATCHES
GOLD AND SILVER JEWELLERY
NEXT A1 HOTEL
DR. ROOKE'S
ANTI-LANCET!

All Invalids should read the Chapter on the Functions of Digestion, showing by what process Food is converted into Blood — How Blood Sustains the whole system.

DR. ROOKE'S
ANTI-LANCET.

The Nervous, the Dyspeptic, or the Hypochondriac, should read the Chapter on the Origin of all Nervous Diseases.

DR. ROOKE'S
ANTI-LANCET,

Read the Chapter on the Destructive Practice of Bleeding, illustrated by the case of Lord Byron, Sir Walter Scott, Madame Malibran, and others.

DR. ROOKE'S ELIXIR.
DR. ROOKE'S ORIENTAL PILLS.
MR. J. KANTER,
CHEMIST,
Corner of Durham and Victoria streets, Christchurch; and Oxford.

Printed by CHARLES ASHWORTH PHILLIPS, and published by him at the Office of the Globe, Gloucester street, Christchurch, New Zealand, Monday, October 2, 1882.
